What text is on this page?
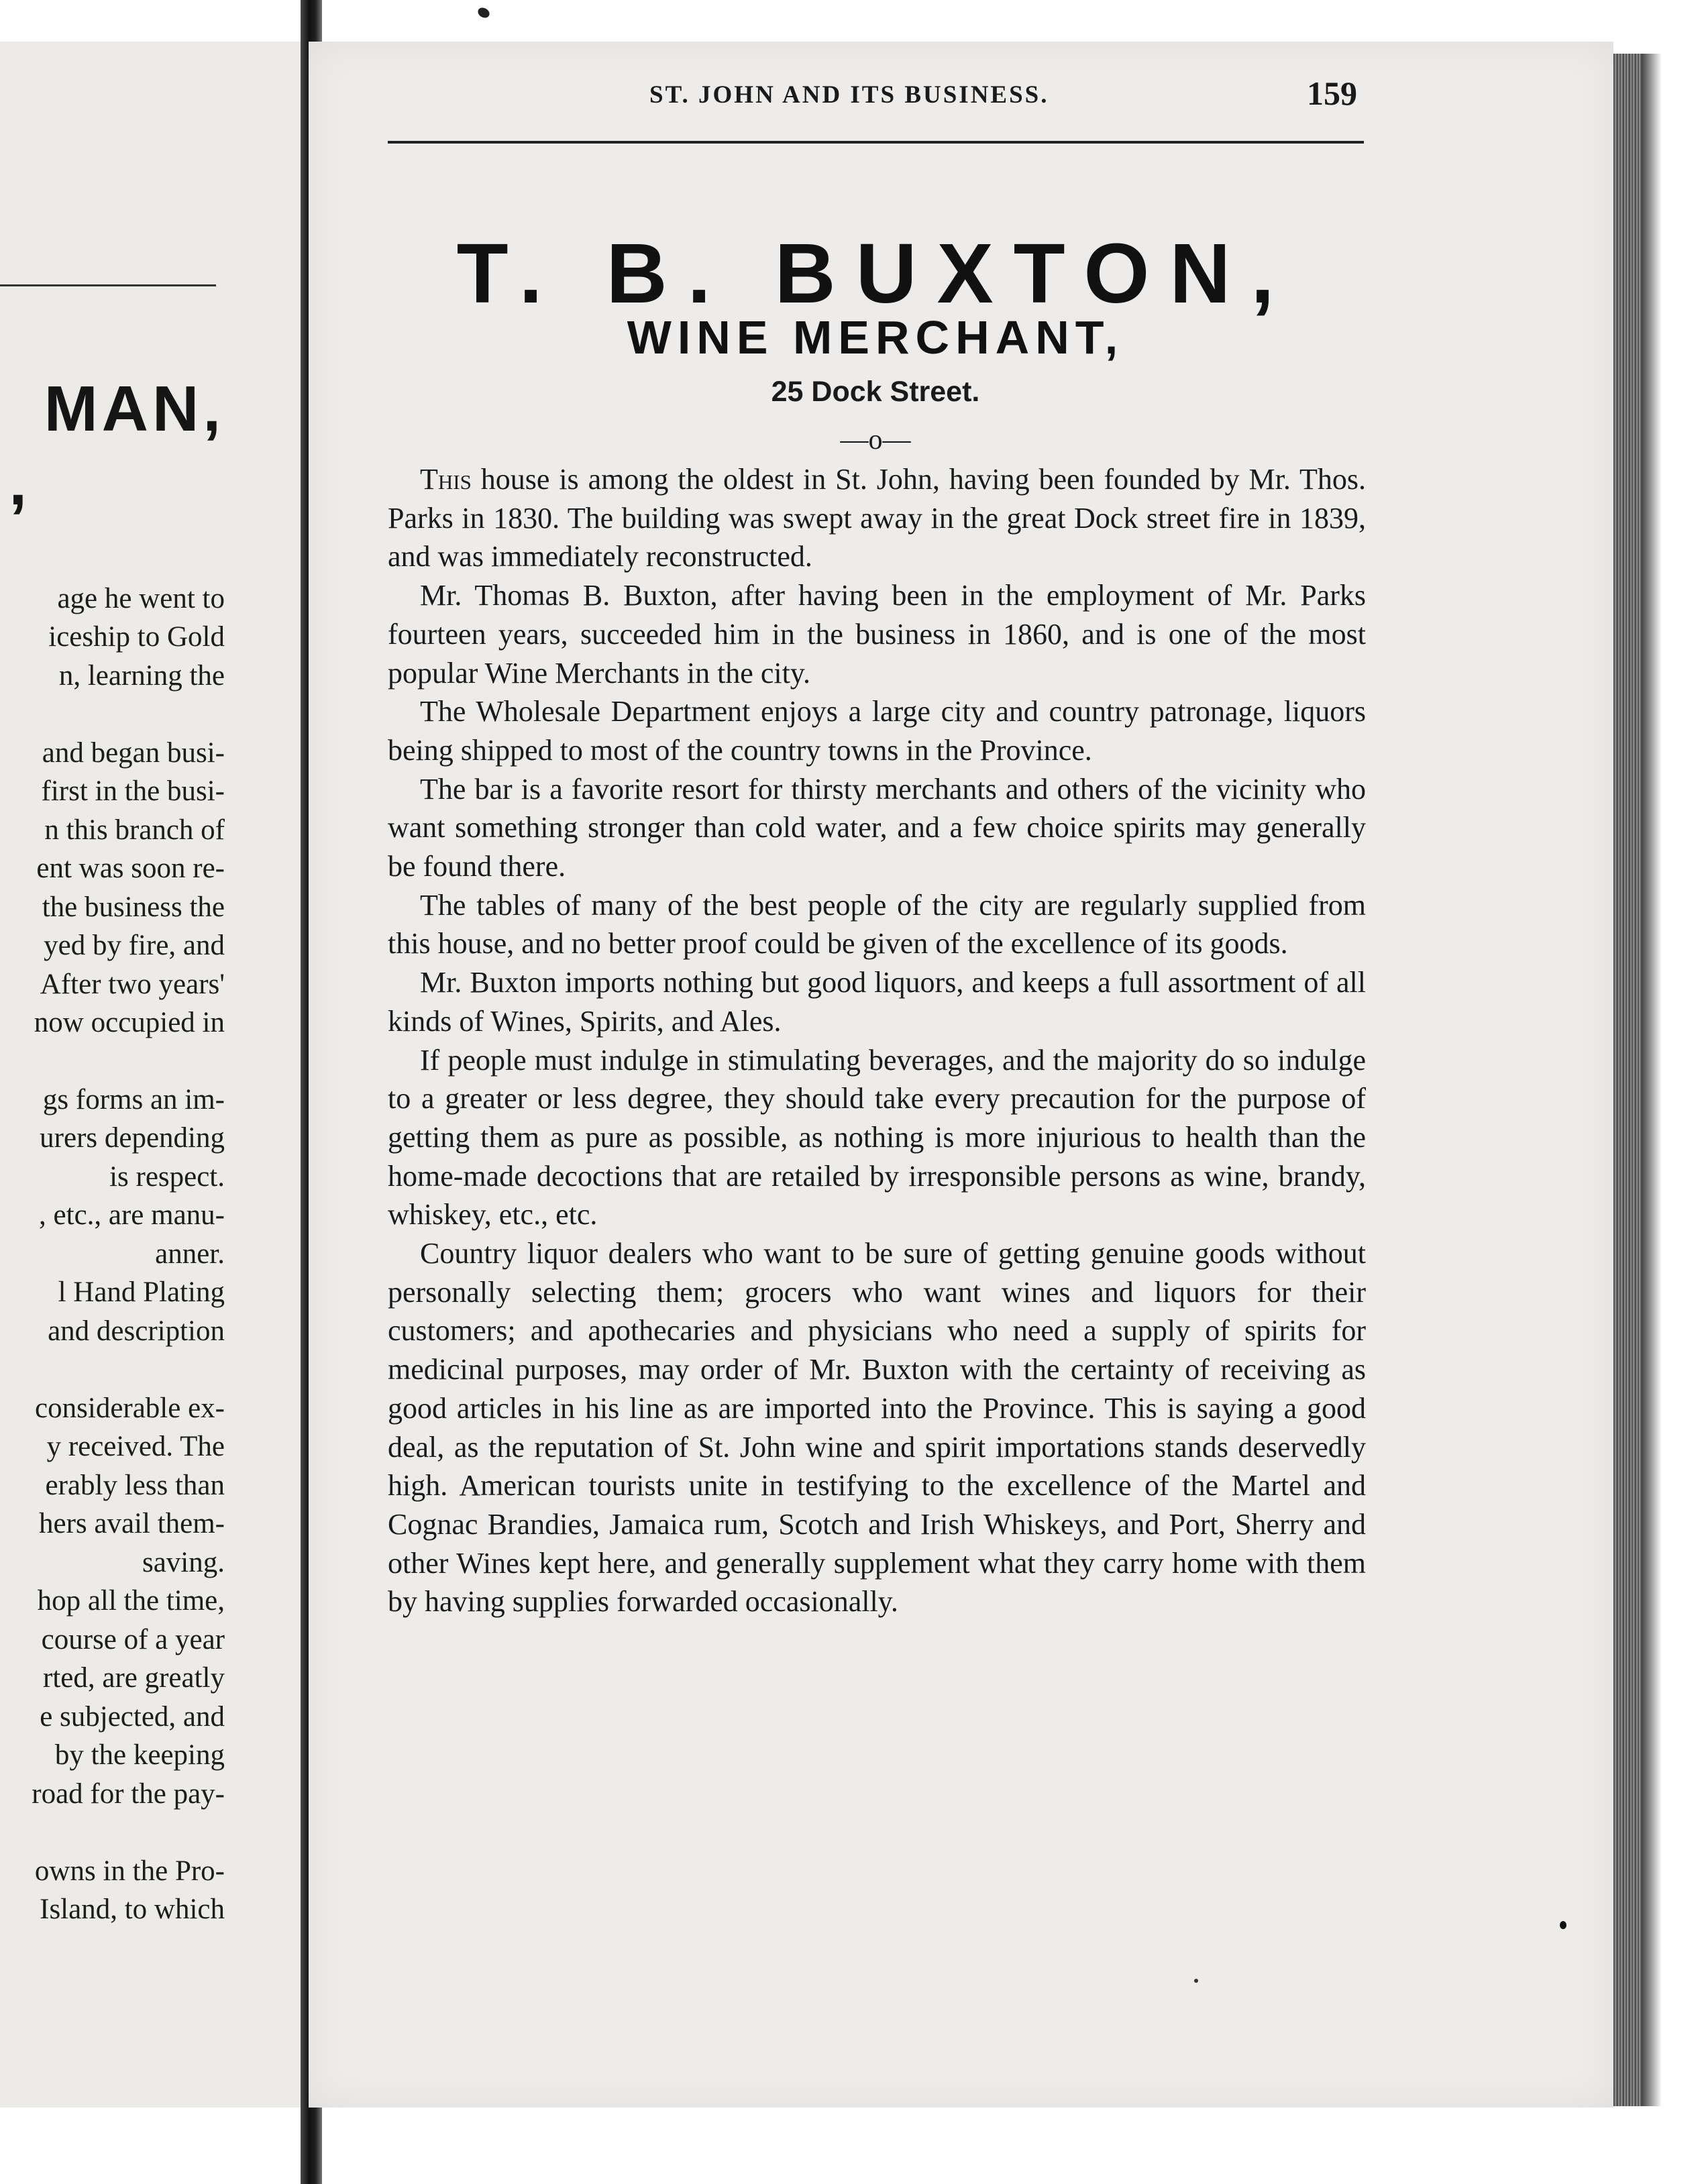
MAN,
,
age he went to
iceship to Gold
n, learning the
and began busi-
first in the busi-
n this branch of
ent was soon re-
the business the
yed by fire, and
After two years'
now occupied in
gs forms an im-
urers depending
is respect.
, etc., are manu-
anner.
l Hand Plating
and description
considerable ex-
y received. The
erably less than
hers avail them-
saving.
hop all the time,
course of a year
rted, are greatly
e subjected, and
by the keeping
road for the pay-
owns in the Pro-
Island, to which
ST. JOHN AND ITS BUSINESS.	159
T. B. BUXTON,
WINE MERCHANT,
25 Dock Street.
—o—

This house is among the oldest in St. John, having been founded by Mr. Thos. Parks in 1830. The building was swept away in the great Dock street fire in 1839, and was immediately reconstructed.

Mr. Thomas B. Buxton, after having been in the employment of Mr. Parks fourteen years, succeeded him in the business in 1860, and is one of the most popular Wine Merchants in the city.

The Wholesale Department enjoys a large city and country patronage, liquors being shipped to most of the country towns in the Province.

The bar is a favorite resort for thirsty merchants and others of the vicinity who want something stronger than cold water, and a few choice spirits may generally be found there.

The tables of many of the best people of the city are regularly supplied from this house, and no better proof could be given of the excellence of its goods.

Mr. Buxton imports nothing but good liquors, and keeps a full assortment of all kinds of Wines, Spirits, and Ales.

If people must indulge in stimulating beverages, and the majority do so indulge to a greater or less degree, they should take every precaution for the purpose of getting them as pure as possible, as nothing is more injurious to health than the home-made decoctions that are retailed by irresponsible persons as wine, brandy, whiskey, etc., etc.

Country liquor dealers who want to be sure of getting genuine goods without personally selecting them; grocers who want wines and liquors for their customers; and apothecaries and physicians who need a supply of spirits for medicinal purposes, may order of Mr. Buxton with the certainty of receiving as good articles in his line as are imported into the Province. This is saying a good deal, as the reputation of St. John wine and spirit importations stands deservedly high. American tourists unite in testifying to the excellence of the Martel and Cognac Brandies, Jamaica rum, Scotch and Irish Whiskeys, and Port, Sherry and other Wines kept here, and generally supplement what they carry home with them by having supplies forwarded occasionally.
